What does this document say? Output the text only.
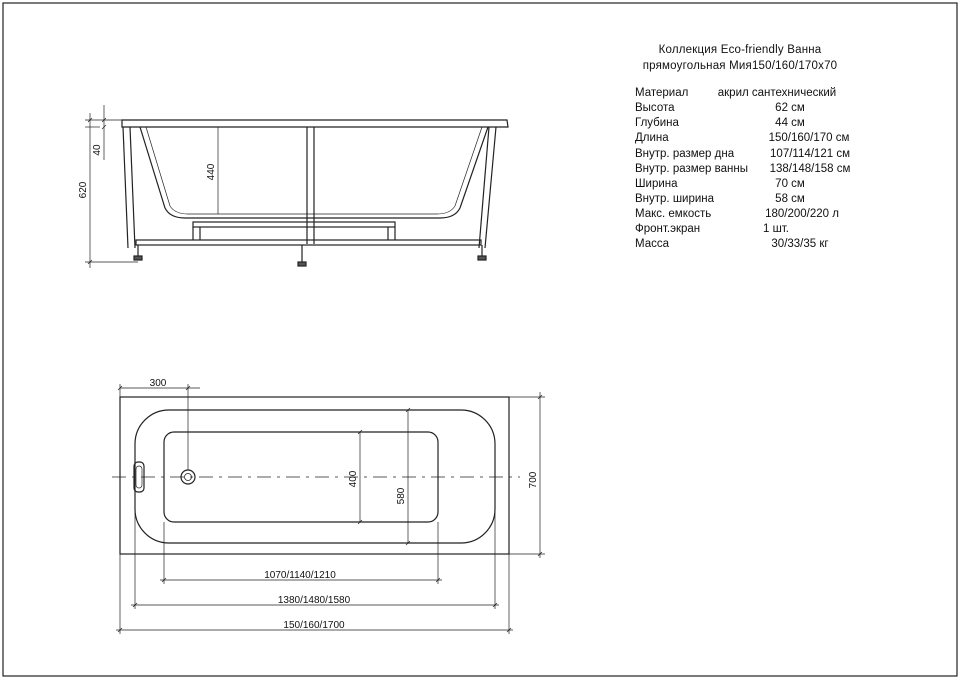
Коллекция Eco-friendly Ванна
прямоугольная Мия150/160/170х70
Материал	акрил сантехнический
Высота	62 см
Глубина	44 см
Длина	150/160/170 см
Внутр. размер дна	107/114/121 см
Внутр. размер ванны 138/148/158 см
Ширина	70 см
Внутр. ширина	58 см
Макс. емкость	180/200/220 л
Фронт.экран	1 шт.
Масса	30/33/35 кг
620
40
440
300
400
580
700
1070/1140/1210
1380/1480/1580
150/160/1700
